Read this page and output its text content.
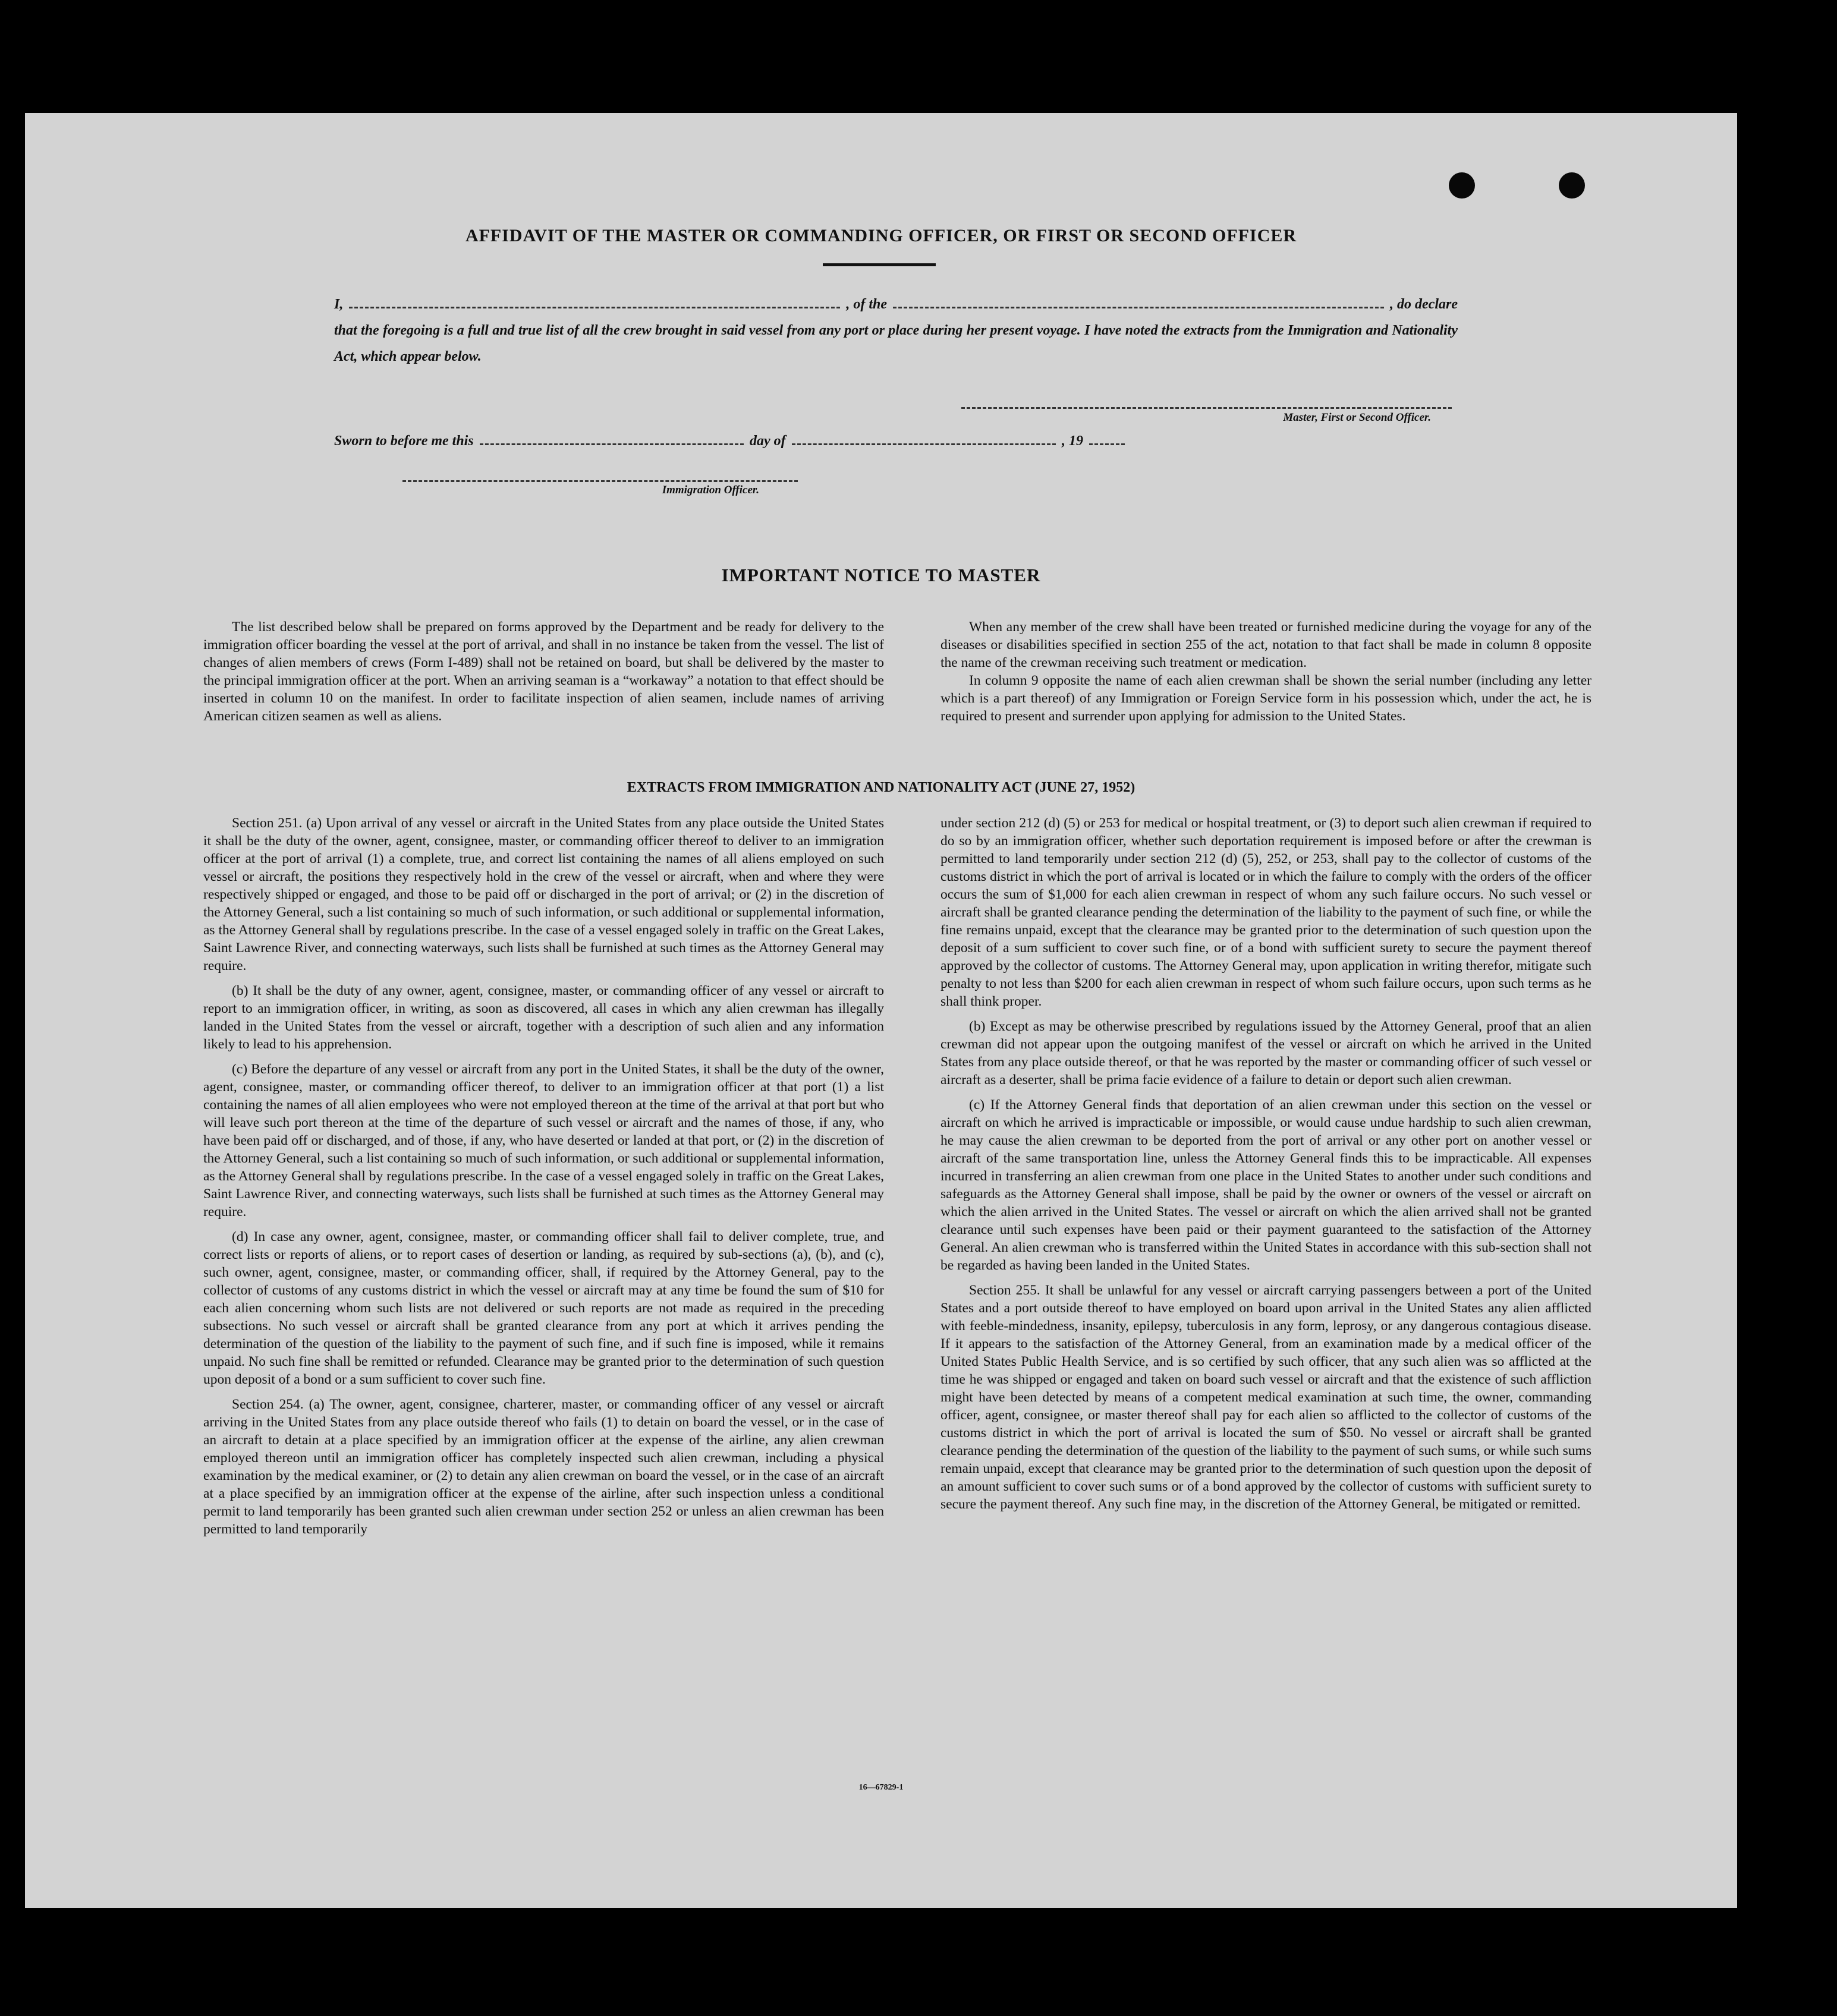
AFFIDAVIT OF THE MASTER OR COMMANDING OFFICER, OR FIRST OR SECOND OFFICER
I,	, of the	, do declare
that the foregoing is a full and true list of all the crew brought in said vessel from any port or place during her present voyage. I have noted the extracts from the Immigration and Nationality Act, which appear below.
Master, First or Second Officer.
Sworn to before me this	day of	, 19
Immigration Officer.
IMPORTANT NOTICE TO MASTER

The list described below shall be prepared on forms approved by the Department and be ready for delivery to the immigration officer boarding the vessel at the port of arrival, and shall in no instance be taken from the vessel. The list of changes of alien members of crews (Form I-489) shall not be retained on board, but shall be delivered by the master to the principal immigration officer at the port. When an arriving seaman is a “workaway” a notation to that effect should be inserted in column 10 on the manifest. In order to facilitate inspection of alien seamen, include names of arriving American citizen seamen as well as aliens.

When any member of the crew shall have been treated or furnished medicine during the voyage for any of the diseases or disabilities specified in section 255 of the act, notation to that fact shall be made in column 8 opposite the name of the crewman receiving such treatment or medication.

In column 9 opposite the name of each alien crewman shall be shown the serial number (including any letter which is a part thereof) of any Immigration or Foreign Service form in his possession which, under the act, he is required to present and surrender upon applying for admission to the United States.

EXTRACTS FROM IMMIGRATION AND NATIONALITY ACT (JUNE 27, 1952)

Section 251. (a) Upon arrival of any vessel or aircraft in the United States from any place outside the United States it shall be the duty of the owner, agent, consignee, master, or commanding officer thereof to deliver to an immigration officer at the port of arrival (1) a complete, true, and correct list containing the names of all aliens employed on such vessel or aircraft, the positions they respectively hold in the crew of the vessel or aircraft, when and where they were respectively shipped or engaged, and those to be paid off or discharged in the port of arrival; or (2) in the discretion of the Attorney General, such a list containing so much of such information, or such additional or supplemental information, as the Attorney General shall by regulations prescribe. In the case of a vessel engaged solely in traffic on the Great Lakes, Saint Lawrence River, and connecting waterways, such lists shall be furnished at such times as the Attorney General may require.

(b) It shall be the duty of any owner, agent, consignee, master, or commanding officer of any vessel or aircraft to report to an immigration officer, in writing, as soon as discovered, all cases in which any alien crewman has illegally landed in the United States from the vessel or aircraft, together with a description of such alien and any information likely to lead to his apprehension.

(c) Before the departure of any vessel or aircraft from any port in the United States, it shall be the duty of the owner, agent, consignee, master, or commanding officer thereof, to deliver to an immigration officer at that port (1) a list containing the names of all alien employees who were not employed thereon at the time of the arrival at that port but who will leave such port thereon at the time of the departure of such vessel or aircraft and the names of those, if any, who have been paid off or discharged, and of those, if any, who have deserted or landed at that port, or (2) in the discretion of the Attorney General, such a list containing so much of such information, or such additional or supplemental information, as the Attorney General shall by regulations prescribe. In the case of a vessel engaged solely in traffic on the Great Lakes, Saint Lawrence River, and connecting waterways, such lists shall be furnished at such times as the Attorney General may require.

(d) In case any owner, agent, consignee, master, or commanding officer shall fail to deliver complete, true, and correct lists or reports of aliens, or to report cases of desertion or landing, as required by sub-sections (a), (b), and (c), such owner, agent, consignee, master, or commanding officer, shall, if required by the Attorney General, pay to the collector of customs of any customs district in which the vessel or aircraft may at any time be found the sum of $10 for each alien concerning whom such lists are not delivered or such reports are not made as required in the preceding subsections. No such vessel or aircraft shall be granted clearance from any port at which it arrives pending the determination of the question of the liability to the payment of such fine, and if such fine is imposed, while it remains unpaid. No such fine shall be remitted or refunded. Clearance may be granted prior to the determination of such question upon deposit of a bond or a sum sufficient to cover such fine.

Section 254. (a) The owner, agent, consignee, charterer, master, or commanding officer of any vessel or aircraft arriving in the United States from any place outside thereof who fails (1) to detain on board the vessel, or in the case of an aircraft to detain at a place specified by an immigration officer at the expense of the airline, any alien crewman employed thereon until an immigration officer has completely inspected such alien crewman, including a physical examination by the medical examiner, or (2) to detain any alien crewman on board the vessel, or in the case of an aircraft at a place specified by an immigration officer at the expense of the airline, after such inspection unless a conditional permit to land temporarily has been granted such alien crewman under section 252 or unless an alien crewman has been permitted to land temporarily

under section 212 (d) (5) or 253 for medical or hospital treatment, or (3) to deport such alien crewman if required to do so by an immigration officer, whether such deportation requirement is imposed before or after the crewman is permitted to land temporarily under section 212 (d) (5), 252, or 253, shall pay to the collector of customs of the customs district in which the port of arrival is located or in which the failure to comply with the orders of the officer occurs the sum of $1,000 for each alien crewman in respect of whom any such failure occurs. No such vessel or aircraft shall be granted clearance pending the determination of the liability to the payment of such fine, or while the fine remains unpaid, except that the clearance may be granted prior to the determination of such question upon the deposit of a sum sufficient to cover such fine, or of a bond with sufficient surety to secure the payment thereof approved by the collector of customs. The Attorney General may, upon application in writing therefor, mitigate such penalty to not less than $200 for each alien crewman in respect of whom such failure occurs, upon such terms as he shall think proper.

(b) Except as may be otherwise prescribed by regulations issued by the Attorney General, proof that an alien crewman did not appear upon the outgoing manifest of the vessel or aircraft on which he arrived in the United States from any place outside thereof, or that he was reported by the master or commanding officer of such vessel or aircraft as a deserter, shall be prima facie evidence of a failure to detain or deport such alien crewman.

(c) If the Attorney General finds that deportation of an alien crewman under this section on the vessel or aircraft on which he arrived is impracticable or impossible, or would cause undue hardship to such alien crewman, he may cause the alien crewman to be deported from the port of arrival or any other port on another vessel or aircraft of the same transportation line, unless the Attorney General finds this to be impracticable. All expenses incurred in transferring an alien crewman from one place in the United States to another under such conditions and safeguards as the Attorney General shall impose, shall be paid by the owner or owners of the vessel or aircraft on which the alien arrived in the United States. The vessel or aircraft on which the alien arrived shall not be granted clearance until such expenses have been paid or their payment guaranteed to the satisfaction of the Attorney General. An alien crewman who is transferred within the United States in accordance with this sub-section shall not be regarded as having been landed in the United States.

Section 255. It shall be unlawful for any vessel or aircraft carrying passengers between a port of the United States and a port outside thereof to have employed on board upon arrival in the United States any alien afflicted with feeble-mindedness, insanity, epilepsy, tuberculosis in any form, leprosy, or any dangerous contagious disease. If it appears to the satisfaction of the Attorney General, from an examination made by a medical officer of the United States Public Health Service, and is so certified by such officer, that any such alien was so afflicted at the time he was shipped or engaged and taken on board such vessel or aircraft and that the existence of such affliction might have been detected by means of a competent medical examination at such time, the owner, commanding officer, agent, consignee, or master thereof shall pay for each alien so afflicted to the collector of customs of the customs district in which the port of arrival is located the sum of $50. No vessel or aircraft shall be granted clearance pending the determination of the question of the liability to the payment of such sums, or while such sums remain unpaid, except that clearance may be granted prior to the determination of such question upon the deposit of an amount sufficient to cover such sums or of a bond approved by the collector of customs with sufficient surety to secure the payment thereof. Any such fine may, in the discretion of the Attorney General, be mitigated or remitted.

16—67829-1
